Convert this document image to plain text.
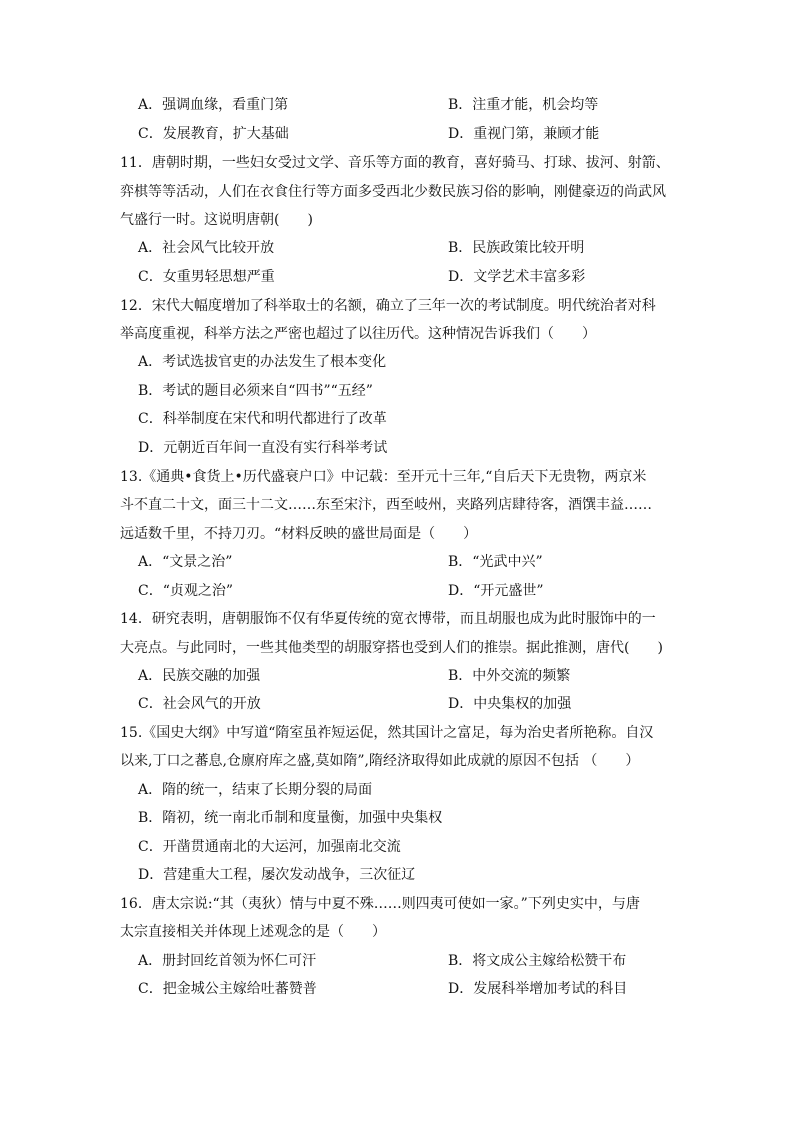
A．强调血缘，看重门第	B．注重才能，机会均等
C．发展教育，扩大基础	D．重视门第，兼顾才能
11．唐朝时期，一些妇女受过文学、音乐等方面的教育，喜好骑马、打球、拔河、射箭、
弈棋等等活动，人们在衣食住行等方面多受西北少数民族习俗的影响，刚健豪迈的尚武风
气盛行一时。这说明唐朝(　　)
A．社会风气比较开放	B．民族政策比较开明
C．女重男轻思想严重	D．文学艺术丰富多彩
12．宋代大幅度增加了科举取士的名额，确立了三年一次的考试制度。明代统治者对科
举高度重视，科举方法之严密也超过了以往历代。这种情况告诉我们（　　）
A．考试选拔官吏的办法发生了根本变化
B．考试的题目必须来自“四书”“五经”
C．科举制度在宋代和明代都进行了改革
D．元朝近百年间一直没有实行科举考试
13.《通典•食货上•历代盛衰户口》中记载：至开元十三年,“自后天下无贵物，两京米
斗不直二十文，面三十二文……东至宋汴，西至岐州，夹路列店肆待客，酒馔丰益……
远适数千里，不持刀刃。“材料反映的盛世局面是（　　）
A．“文景之治”	B．“光武中兴”
C．“贞观之治”	D．“开元盛世”
14．研究表明，唐朝服饰不仅有华夏传统的宽衣博带，而且胡服也成为此时服饰中的一
大亮点。与此同时，一些其他类型的胡服穿搭也受到人们的推崇。据此推测，唐代(　　)
A．民族交融的加强	B．中外交流的频繁
C．社会风气的开放	D．中央集权的加强
15.《国史大纲》中写道“隋室虽祚短运促，然其国计之富足，每为治史者所艳称。自汉
以来,丁口之蕃息,仓廪府库之盛,莫如隋”,隋经济取得如此成就的原因不包括 （　　）
A．隋的统一，结束了长期分裂的局面
B．隋初，统一南北币制和度量衡，加强中央集权
C．开凿贯通南北的大运河，加强南北交流
D．营建重大工程，屡次发动战争，三次征辽
16．唐太宗说:“其（夷狄）情与中夏不殊……则四夷可使如一家。”下列史实中，与唐
太宗直接相关并体现上述观念的是（　　）
A．册封回纥首领为怀仁可汗	B．将文成公主嫁给松赞干布
C．把金城公主嫁给吐蕃赞普	D．发展科举增加考试的科目
